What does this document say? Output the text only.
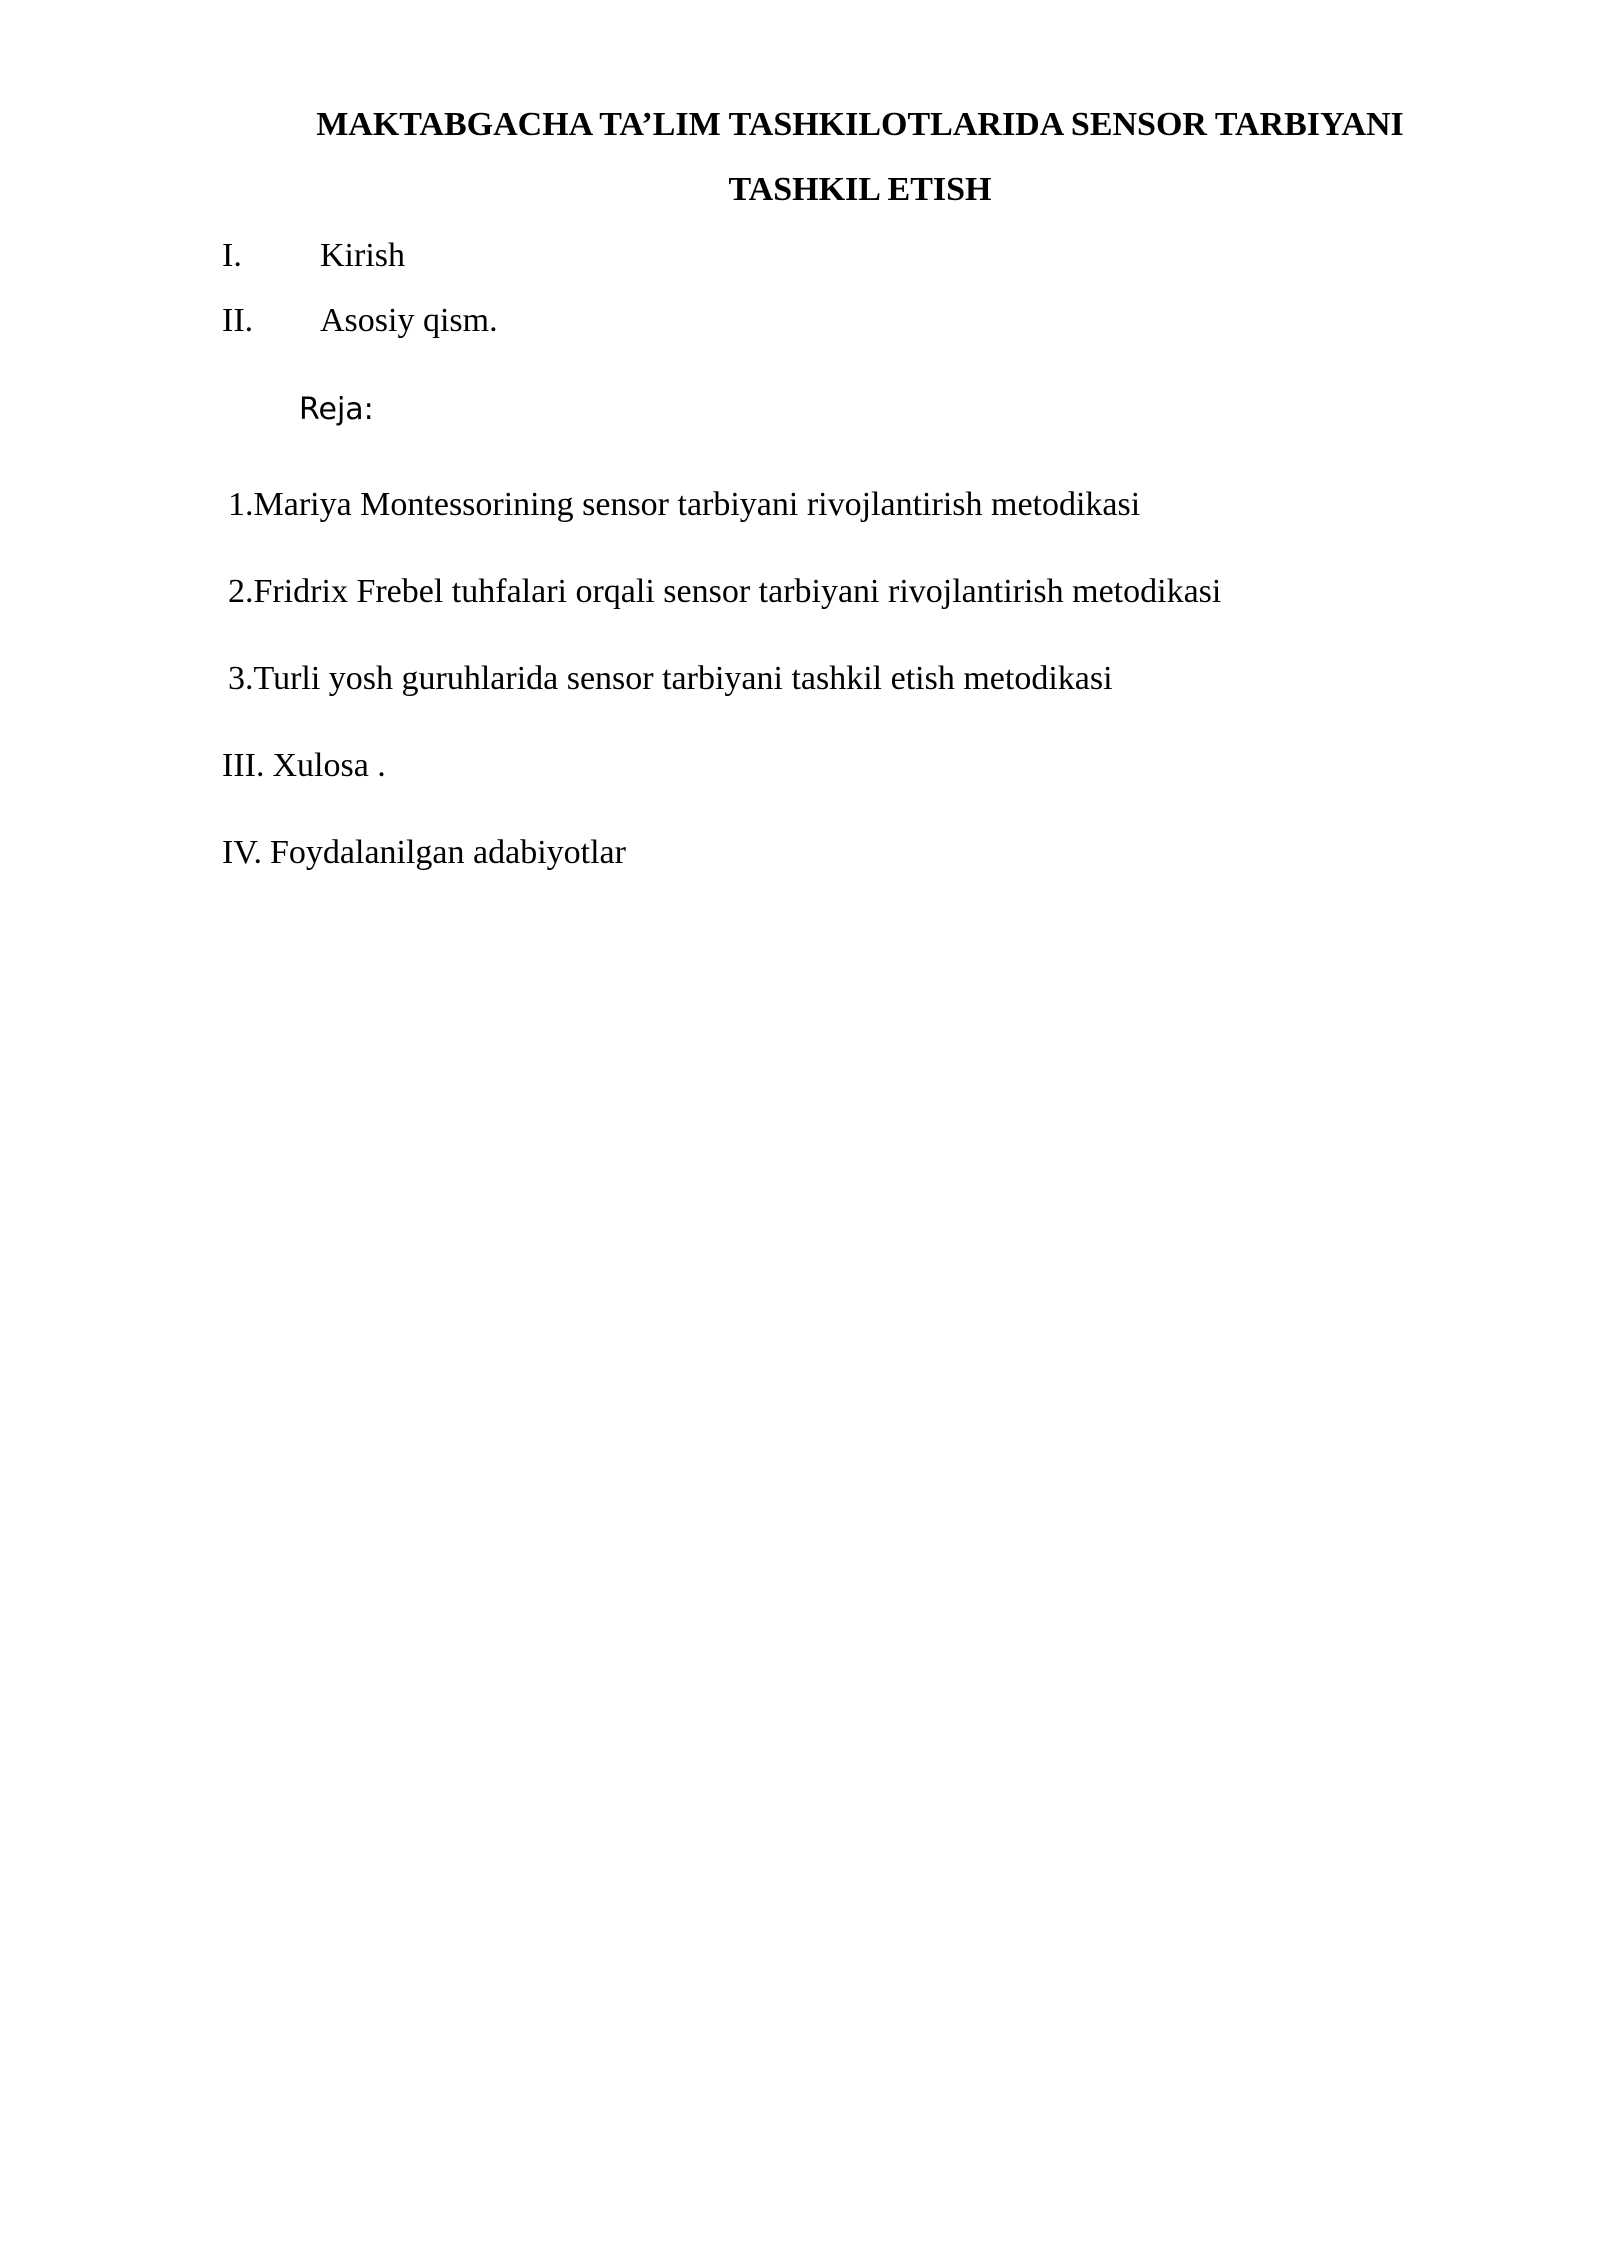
MAKTABGACHA TA’LIM TASHKILOTLARIDA SENSOR TARBIYANI
TASHKIL ETISH
I. Kirish
II. Asosiy qism.
Reja:
1.Mariya Montessorining sensor tarbiyani rivojlantirish metodikasi
2.Fridrix Frebel tuhfalari orqali sensor tarbiyani rivojlantirish metodikasi
3.Turli yosh guruhlarida sensor tarbiyani tashkil etish metodikasi
III. Xulosa .
IV. Foydalanilgan adabiyotlar
